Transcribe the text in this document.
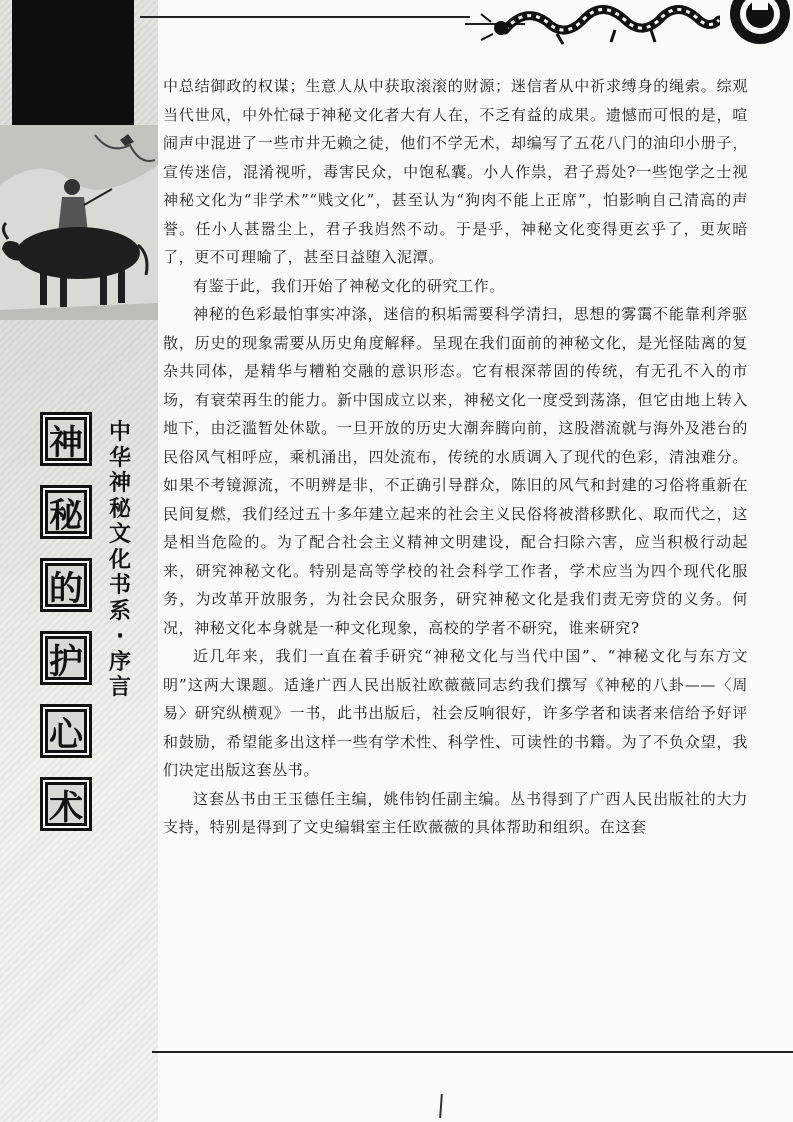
神
秘
的
护
心
术
中
华
神
秘
文
化
书
系
·
序
言

中总结御政的权谋；生意人从中获取滚滚的财源；迷信者从中祈求缚身的绳索。综观当代世风，中外忙碌于神秘文化者大有人在，不乏有益的成果。遗憾而可恨的是，喧闹声中混进了一些市井无赖之徒，他们不学无术，却编写了五花八门的油印小册子，宣传迷信，混淆视听，毒害民众，中饱私囊。小人作祟，君子焉处?一些饱学之士视神秘文化为“非学术”“贱文化”，甚至认为“狗肉不能上正席”，怕影响自己清高的声誉。任小人甚嚣尘上，君子我岿然不动。于是乎，神秘文化变得更玄乎了，更灰暗了，更不可理喻了，甚至日益堕入泥潭。

有鉴于此，我们开始了神秘文化的研究工作。

神秘的色彩最怕事实冲涤，迷信的积垢需要科学清扫，思想的雾霭不能靠利斧驱散，历史的现象需要从历史角度解释。呈现在我们面前的神秘文化，是光怪陆离的复杂共同体，是精华与糟粕交融的意识形态。它有根深蒂固的传统，有无孔不入的市场，有衰荣再生的能力。新中国成立以来，神秘文化一度受到荡涤，但它由地上转入地下，由泛滥暂处休歇。一旦开放的历史大潮奔腾向前，这股潜流就与海外及港台的民俗风气相呼应，乘机涌出，四处流布，传统的水质调入了现代的色彩，清浊难分。如果不考镜源流，不明辨是非，不正确引导群众，陈旧的风气和封建的习俗将重新在民间复燃，我们经过五十多年建立起来的社会主义民俗将被潜移默化、取而代之，这是相当危险的。为了配合社会主义精神文明建设，配合扫除六害，应当积极行动起来，研究神秘文化。特别是高等学校的社会科学工作者，学术应当为四个现代化服务，为改革开放服务，为社会民众服务，研究神秘文化是我们责无旁贷的义务。何况，神秘文化本身就是一种文化现象，高校的学者不研究，谁来研究?

近几年来，我们一直在着手研究“神秘文化与当代中国”、“神秘文化与东方文明”这两大课题。适逢广西人民出版社欧薇薇同志约我们撰写《神秘的八卦——〈周易〉研究纵横观》一书，此书出版后，社会反响很好，许多学者和读者来信给予好评和鼓励，希望能多出这样一些有学术性、科学性、可读性的书籍。为了不负众望，我们决定出版这套丛书。

这套丛书由王玉德任主编，姚伟钧任副主编。丛书得到了广西人民出版社的大力支持，特别是得到了文史编辑室主任欧薇薇的具体帮助和组织。在这套
